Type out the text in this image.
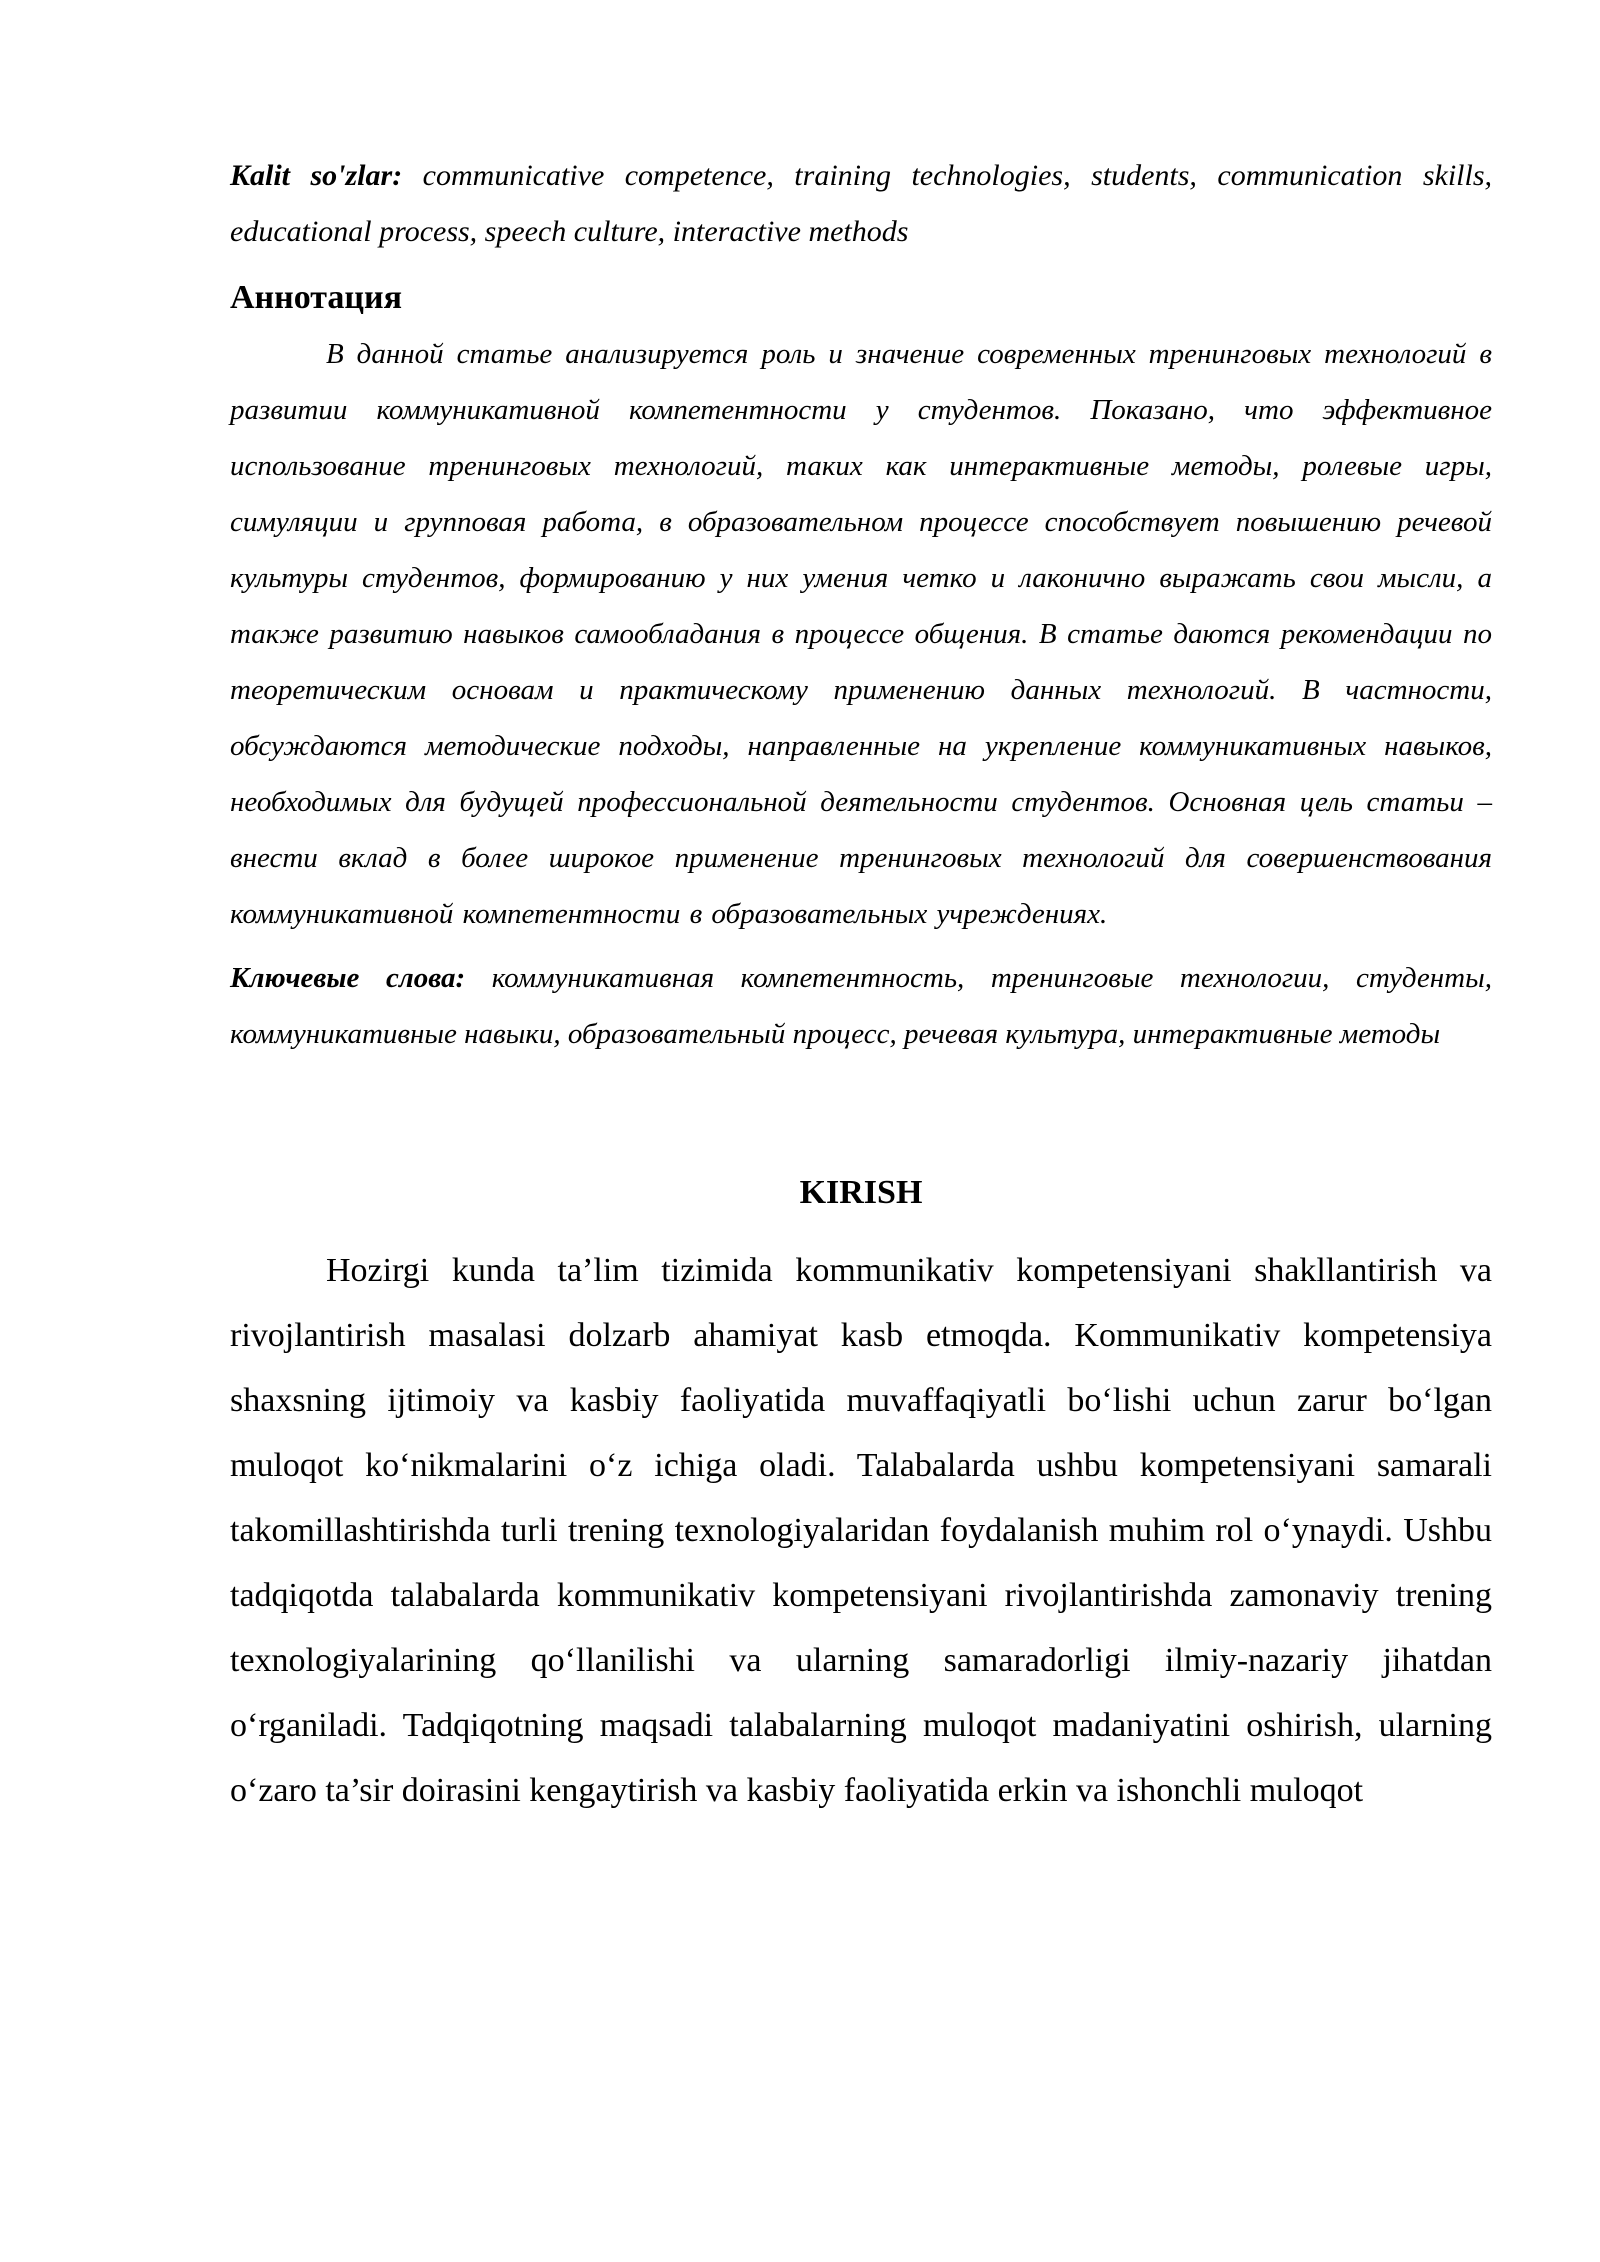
Kalit so'zlar: communicative competence, training technologies, students, communication skills, educational process, speech culture, interactive methods

Аннотация

В данной статье анализируется роль и значение современных тренинговых технологий в развитии коммуникативной компетентности у студентов. Показано, что эффективное использование тренинговых технологий, таких как интерактивные методы, ролевые игры, симуляции и групповая работа, в образовательном процессе способствует повышению речевой культуры студентов, формированию у них умения четко и лаконично выражать свои мысли, а также развитию навыков самообладания в процессе общения. В статье даются рекомендации по теоретическим основам и практическому применению данных технологий. В частности, обсуждаются методические подходы, направленные на укрепление коммуникативных навыков, необходимых для будущей профессиональной деятельности студентов. Основная цель статьи – внести вклад в более широкое применение тренинговых технологий для совершенствования коммуникативной компетентности в образовательных учреждениях.

Ключевые слова: коммуникативная компетентность, тренинговые технологии, студенты, коммуникативные навыки, образовательный процесс, речевая культура, интерактивные методы

KIRISH

Hozirgi kunda ta’lim tizimida kommunikativ kompetensiyani shakllantirish va rivojlantirish masalasi dolzarb ahamiyat kasb etmoqda. Kommunikativ kompetensiya shaxsning ijtimoiy va kasbiy faoliyatida muvaffaqiyatli bo‘lishi uchun zarur bo‘lgan muloqot ko‘nikmalarini o‘z ichiga oladi. Talabalarda ushbu kompetensiyani samarali takomillashtirishda turli trening texnologiyalaridan foydalanish muhim rol o‘ynaydi. Ushbu tadqiqotda talabalarda kommunikativ kompetensiyani rivojlantirishda zamonaviy trening texnologiyalarining qo‘llanilishi va ularning samaradorligi ilmiy-nazariy jihatdan o‘rganiladi. Tadqiqotning maqsadi talabalarning muloqot madaniyatini oshirish, ularning o‘zaro ta’sir doirasini kengaytirish va kasbiy faoliyatida erkin va ishonchli muloqot
